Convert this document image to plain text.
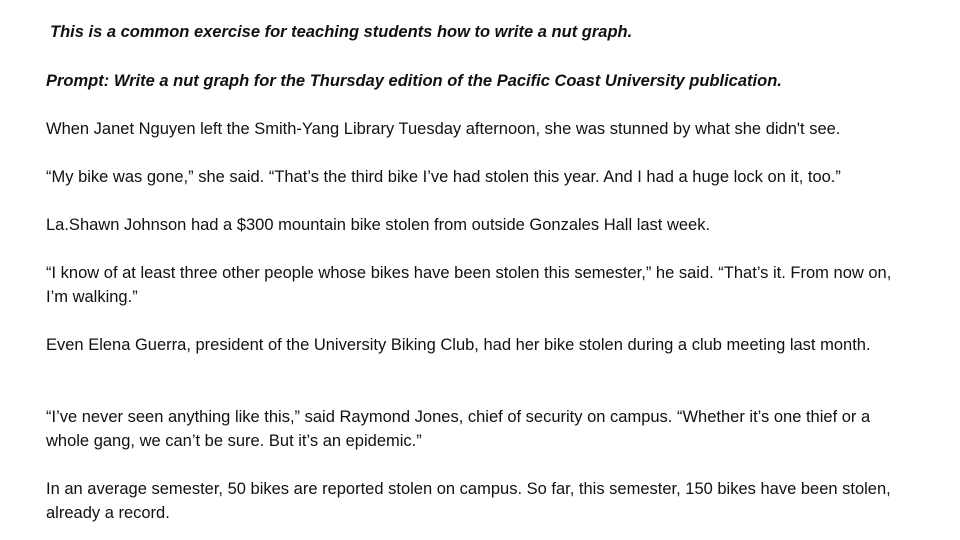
This is a common exercise for teaching students how to write a nut graph.
Prompt: Write a nut graph for the Thursday edition of the Pacific Coast University publication.
When Janet Nguyen left the Smith-Yang Library Tuesday afternoon, she was stunned by what she didn't see.
“My bike was gone,” she said. “That’s the third bike I’ve had stolen this year. And I had a huge lock on it, too.”
La.Shawn Johnson had a $300 mountain bike stolen from outside Gonzales Hall last week.
“I know of at least three other people whose bikes have been stolen this semester,” he said. “That’s it. From now on, I’m walking.”
Even Elena Guerra, president of the University Biking Club, had her bike stolen during a club meeting last month.
“I’ve never seen anything like this,” said Raymond Jones, chief of security on campus. “Whether it’s one thief or a whole gang, we can’t be sure. But it’s an epidemic.”
In an average semester, 50 bikes are reported stolen on campus. So far, this semester, 150 bikes have been stolen, already a record.
